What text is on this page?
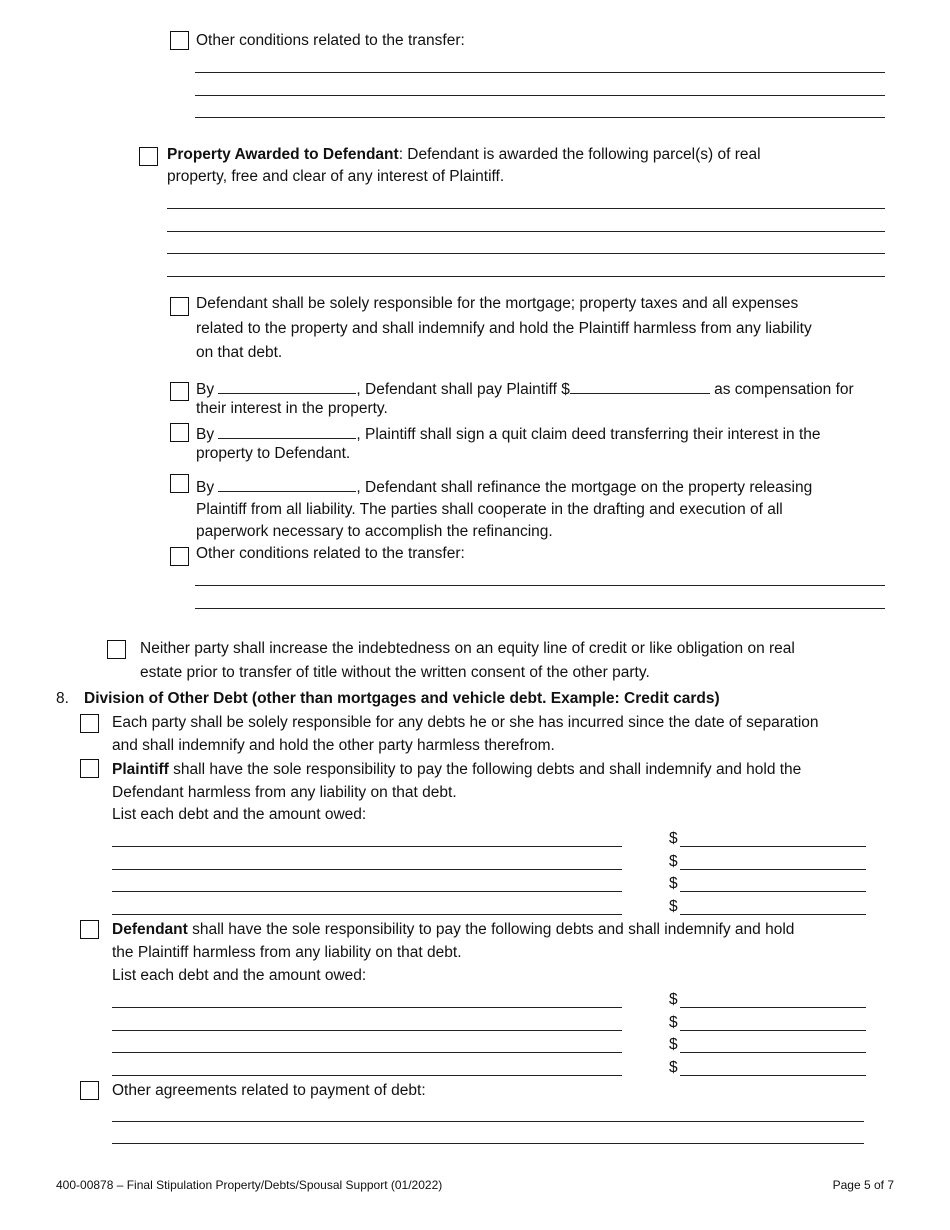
Other conditions related to the transfer:
Property Awarded to Defendant: Defendant is awarded the following parcel(s) of real
property, free and clear of any interest of Plaintiff.
Defendant shall be solely responsible for the mortgage; property taxes and all expenses
related to the property and shall indemnify and hold the Plaintiff harmless from any liability
on that debt.
By	, Defendant shall pay Plaintiff $	as compensation for
their interest in the property.
By	, Plaintiff shall sign a quit claim deed transferring their interest in the
property to Defendant.
By	, Defendant shall refinance the mortgage on the property releasing
Plaintiff from all liability. The parties shall cooperate in the drafting and execution of all
paperwork necessary to accomplish the refinancing.
Other conditions related to the transfer:
Neither party shall increase the indebtedness on an equity line of credit or like obligation on real
estate prior to transfer of title without the written consent of the other party.
8. Division of Other Debt (other than mortgages and vehicle debt. Example: Credit cards)
Each party shall be solely responsible for any debts he or she has incurred since the date of separation
and shall indemnify and hold the other party harmless therefrom.
Plaintiff shall have the sole responsibility to pay the following debts and shall indemnify and hold the
Defendant harmless from any liability on that debt.
List each debt and the amount owed:
$
$
$
$
Defendant shall have the sole responsibility to pay the following debts and shall indemnify and hold
the Plaintiff harmless from any liability on that debt.
List each debt and the amount owed:
$
$
$
$
Other agreements related to payment of debt:
400-00878 – Final Stipulation Property/Debts/Spousal Support (01/2022)	Page 5 of 7
